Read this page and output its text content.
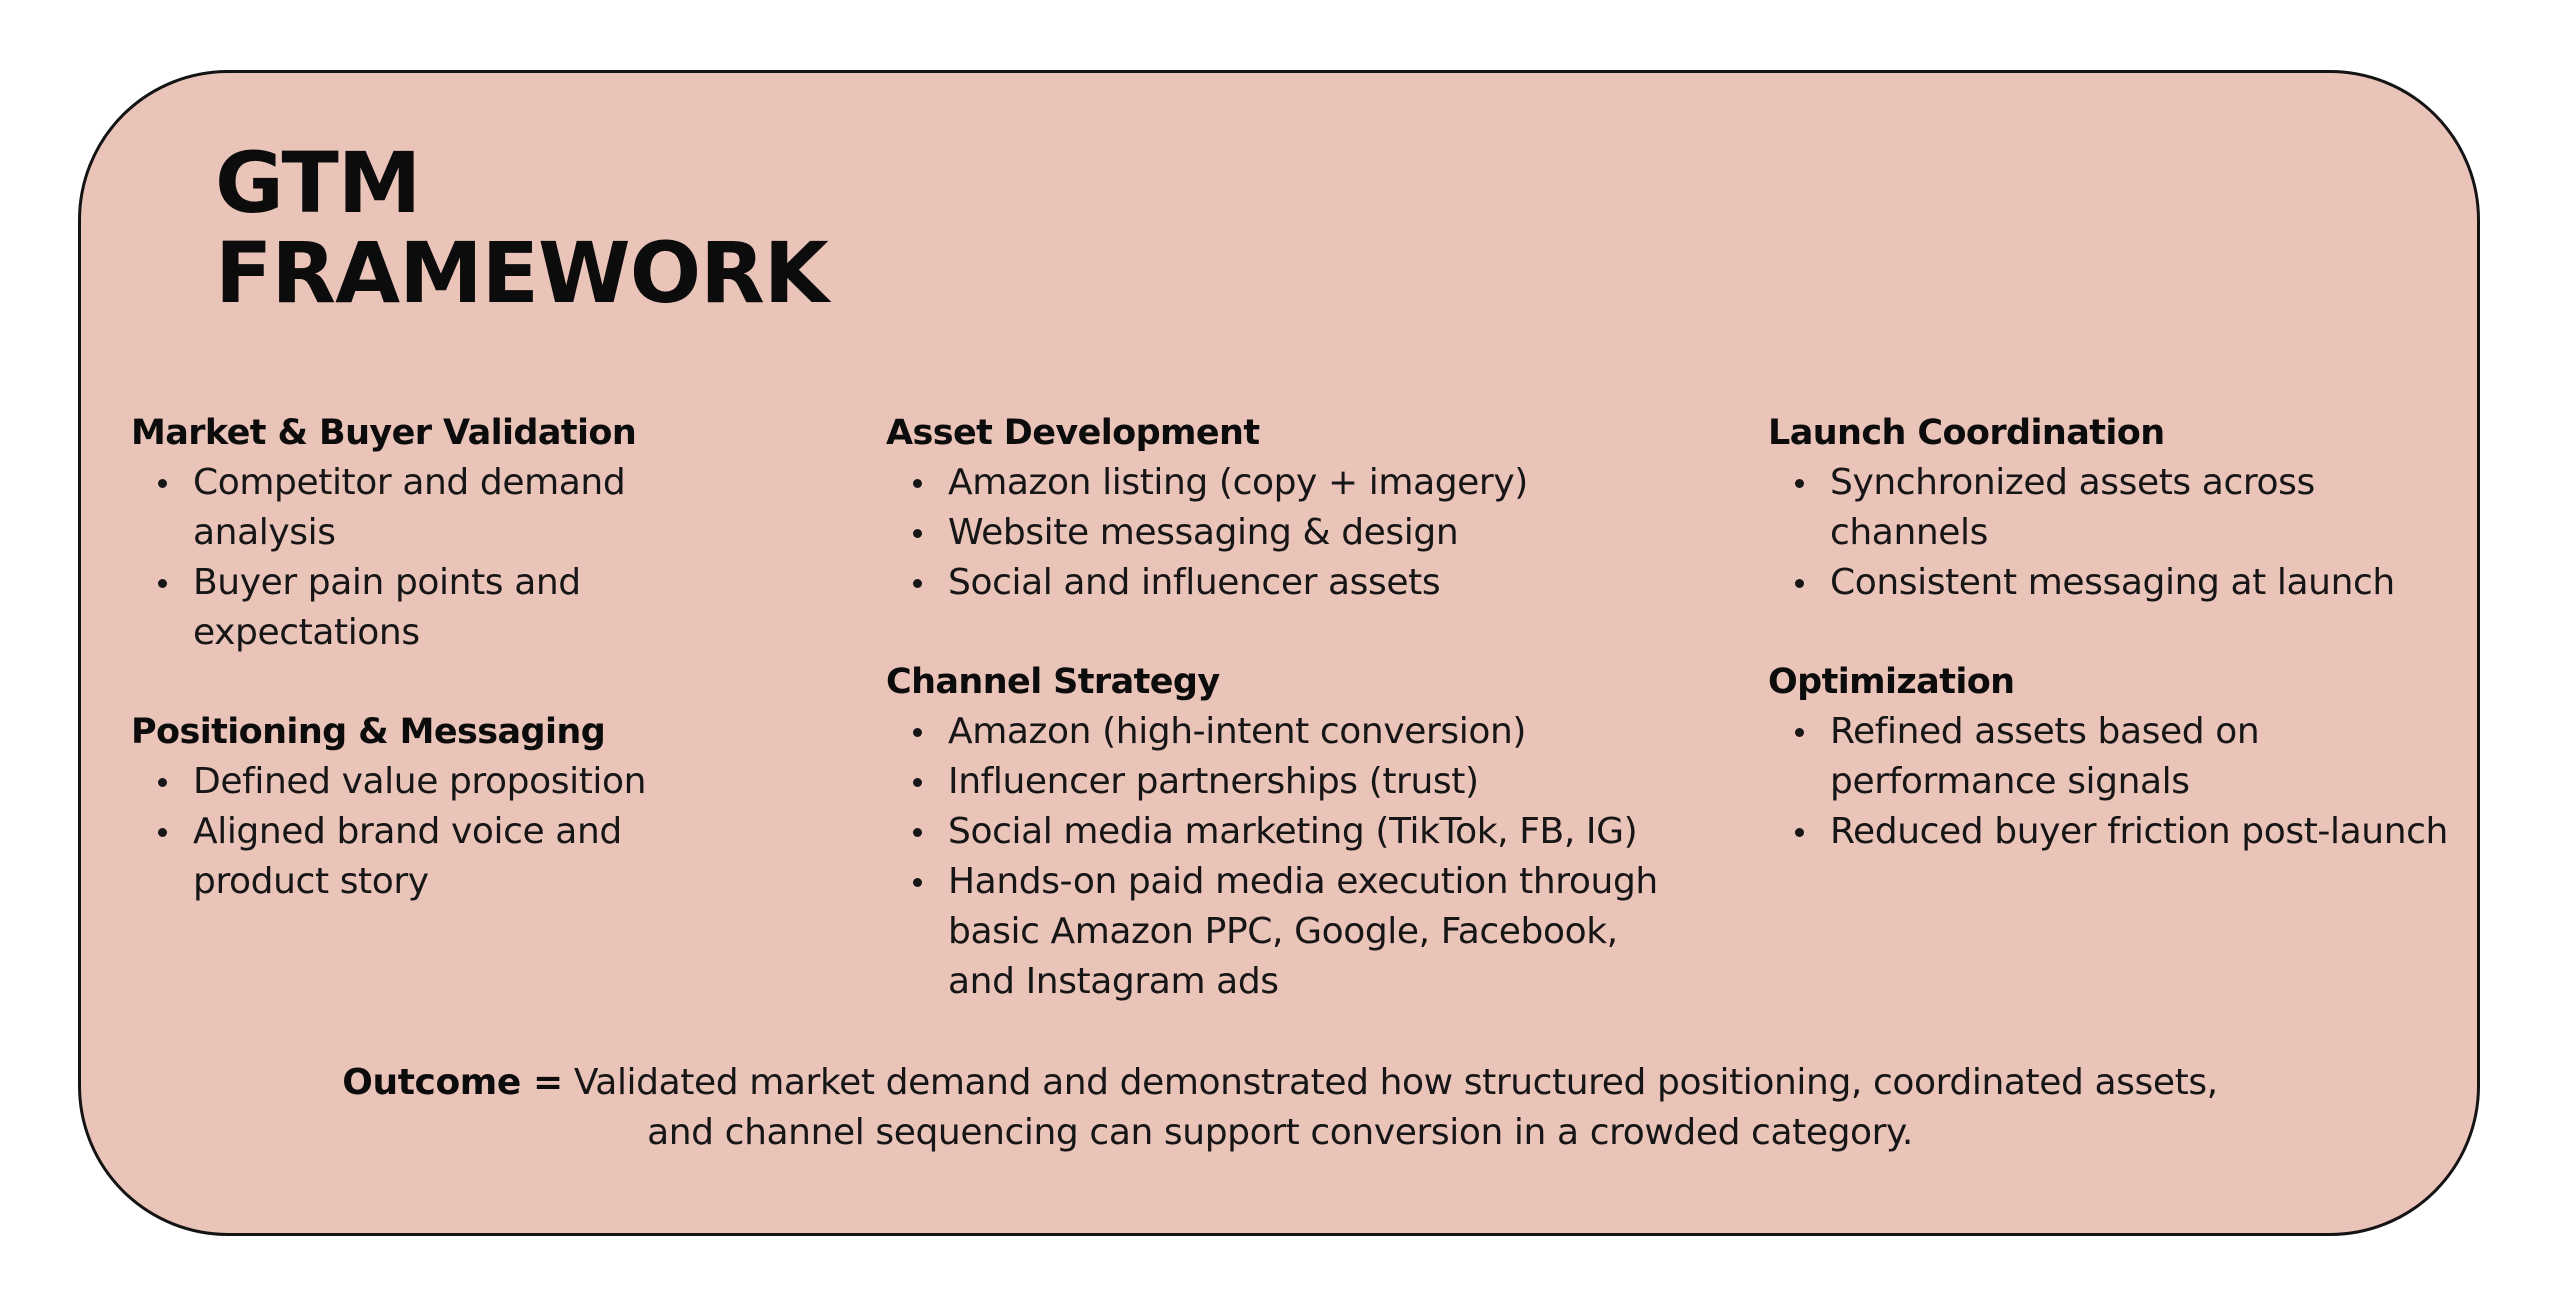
GTM
FRAMEWORK
Market & Buyer Validation
Competitor and demand analysis
Buyer pain points and expectations
Positioning & Messaging
Defined value proposition
Aligned brand voice and product story
Asset Development
Amazon listing (copy + imagery)
Website messaging & design
Social and influencer assets
Channel Strategy
Amazon (high-intent conversion)
Influencer partnerships (trust)
Social media marketing (TikTok, FB, IG)
Hands-on paid media execution through basic Amazon PPC, Google, Facebook, and Instagram ads
Launch Coordination
Synchronized assets across channels
Consistent messaging at launch
Optimization
Refined assets based on performance signals
Reduced buyer friction post-launch

Outcome = Validated market demand and demonstrated how structured positioning, coordinated assets, and channel sequencing can support conversion in a crowded category.
